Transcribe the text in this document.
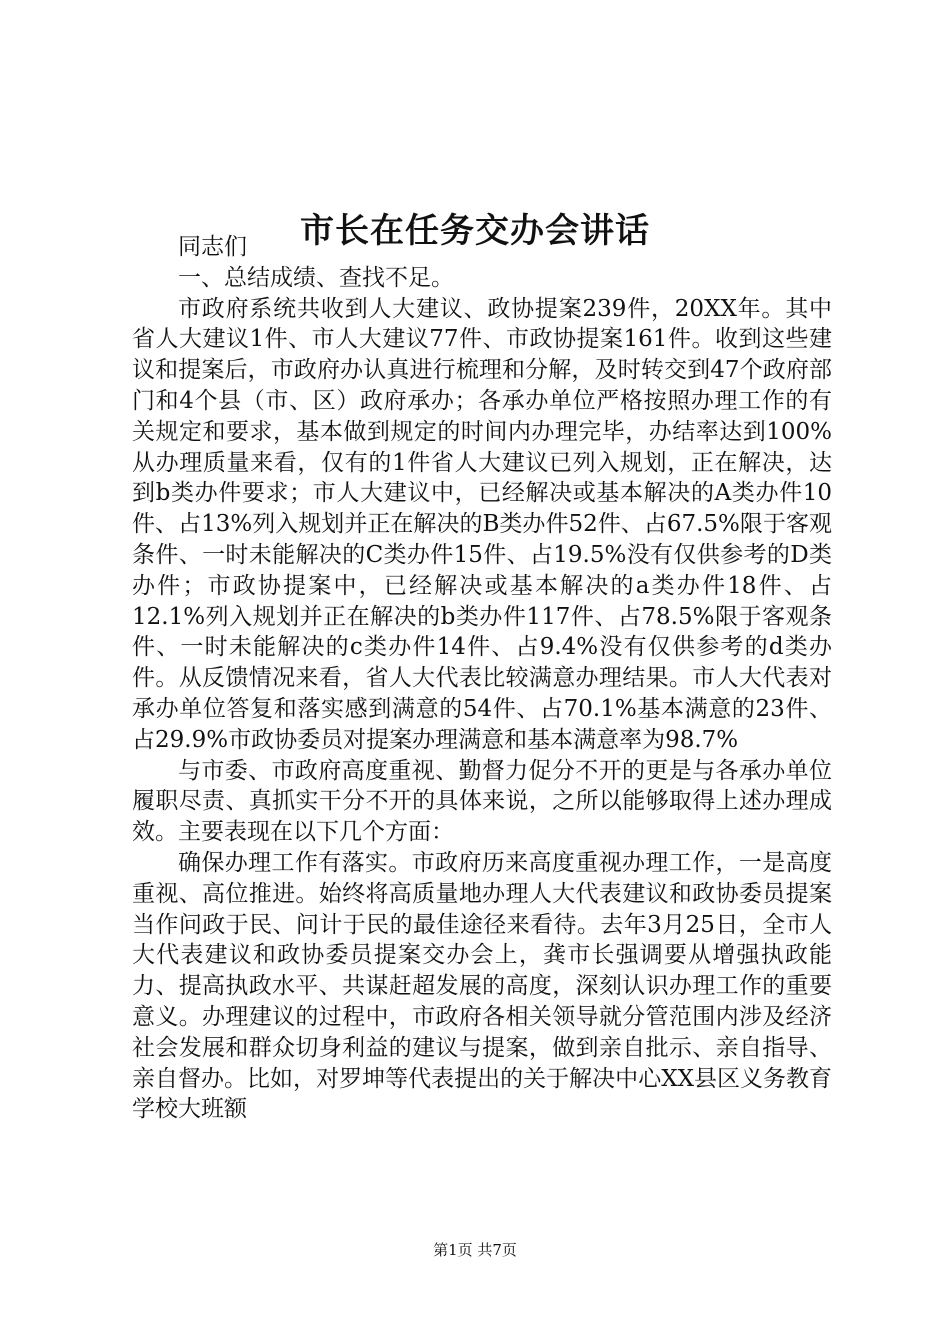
市长在任务交办会讲话

同志们

一、总结成绩、查找不足。

市政府系统共收到人大建议、政协提案239件，20XX年。其中省人大建议1件、市人大建议77件、市政协提案161件。收到这些建议和提案后，市政府办认真进行梳理和分解，及时转交到47个政府部门和4个县（市、区）政府承办；各承办单位严格按照办理工作的有关规定和要求，基本做到规定的时间内办理完毕，办结率达到100%从办理质量来看，仅有的1件省人大建议已列入规划，正在解决，达到b类办件要求；市人大建议中，已经解决或基本解决的A类办件10件、占13%列入规划并正在解决的B类办件52件、占67.5%限于客观条件、一时未能解决的C类办件15件、占19.5%没有仅供参考的D类办件；市政协提案中，已经解决或基本解决的a类办件18件、占12.1%列入规划并正在解决的b类办件117件、占78.5%限于客观条件、一时未能解决的c类办件14件、占9.4%没有仅供参考的d类办件。从反馈情况来看，省人大代表比较满意办理结果。市人大代表对承办单位答复和落实感到满意的54件、占70.1%基本满意的23件、占29.9%市政协委员对提案办理满意和基本满意率为98.7%

与市委、市政府高度重视、勤督力促分不开的更是与各承办单位履职尽责、真抓实干分不开的具体来说，之所以能够取得上述办理成效。主要表现在以下几个方面：

确保办理工作有落实。市政府历来高度重视办理工作，一是高度重视、高位推进。始终将高质量地办理人大代表建议和政协委员提案当作问政于民、问计于民的最佳途径来看待。去年3月25日，全市人大代表建议和政协委员提案交办会上，龚市长强调要从增强执政能力、提高执政水平、共谋赶超发展的高度，深刻认识办理工作的重要意义。办理建议的过程中，市政府各相关领导就分管范围内涉及经济社会发展和群众切身利益的建议与提案，做到亲自批示、亲自指导、亲自督办。比如，对罗坤等代表提出的关于解决中心XX县区义务教育学校大班额

第1页 共7页
